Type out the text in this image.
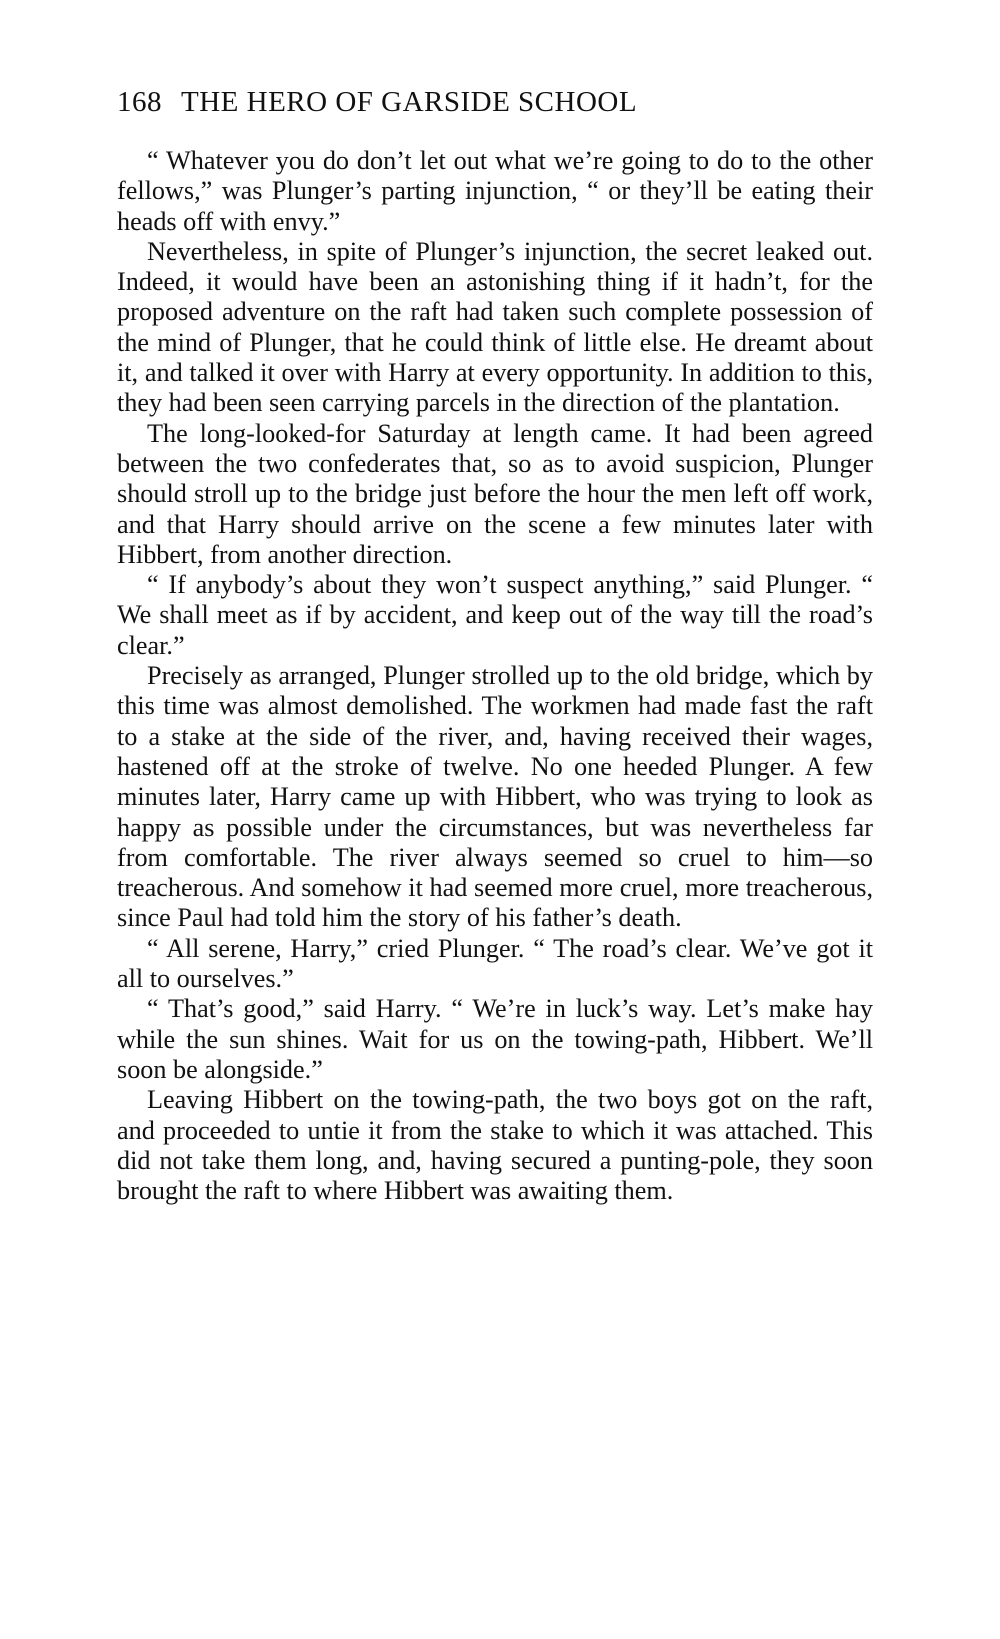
168 THE HERO OF GARSIDE SCHOOL

“ Whatever you do don’t let out what we’re going to do to the other fellows,” was Plunger’s parting injunction, “ or they’ll be eating their heads off with envy.”

Nevertheless, in spite of Plunger’s injunction, the secret leaked out. Indeed, it would have been an astonishing thing if it hadn’t, for the proposed adventure on the raft had taken such complete possession of the mind of Plunger, that he could think of little else. He dreamt about it, and talked it over with Harry at every opportunity. In addition to this, they had been seen carrying parcels in the direction of the plantation.

The long-looked-for Saturday at length came. It had been agreed between the two confederates that, so as to avoid suspicion, Plunger should stroll up to the bridge just before the hour the men left off work, and that Harry should arrive on the scene a few minutes later with Hibbert, from another direction.

“ If anybody’s about they won’t suspect anything,” said Plunger. “ We shall meet as if by accident, and keep out of the way till the road’s clear.”

Precisely as arranged, Plunger strolled up to the old bridge, which by this time was almost demolished. The workmen had made fast the raft to a stake at the side of the river, and, having received their wages, hastened off at the stroke of twelve. No one heeded Plunger. A few minutes later, Harry came up with Hibbert, who was trying to look as happy as possible under the circumstances, but was nevertheless far from comfortable. The river always seemed so cruel to him—so treacherous. And somehow it had seemed more cruel, more treacherous, since Paul had told him the story of his father’s death.

“ All serene, Harry,” cried Plunger. “ The road’s clear. We’ve got it all to ourselves.”

“ That’s good,” said Harry. “ We’re in luck’s way. Let’s make hay while the sun shines. Wait for us on the towing-path, Hibbert. We’ll soon be alongside.”

Leaving Hibbert on the towing-path, the two boys got on the raft, and proceeded to untie it from the stake to which it was attached. This did not take them long, and, having secured a punting-pole, they soon brought the raft to where Hibbert was awaiting them.
